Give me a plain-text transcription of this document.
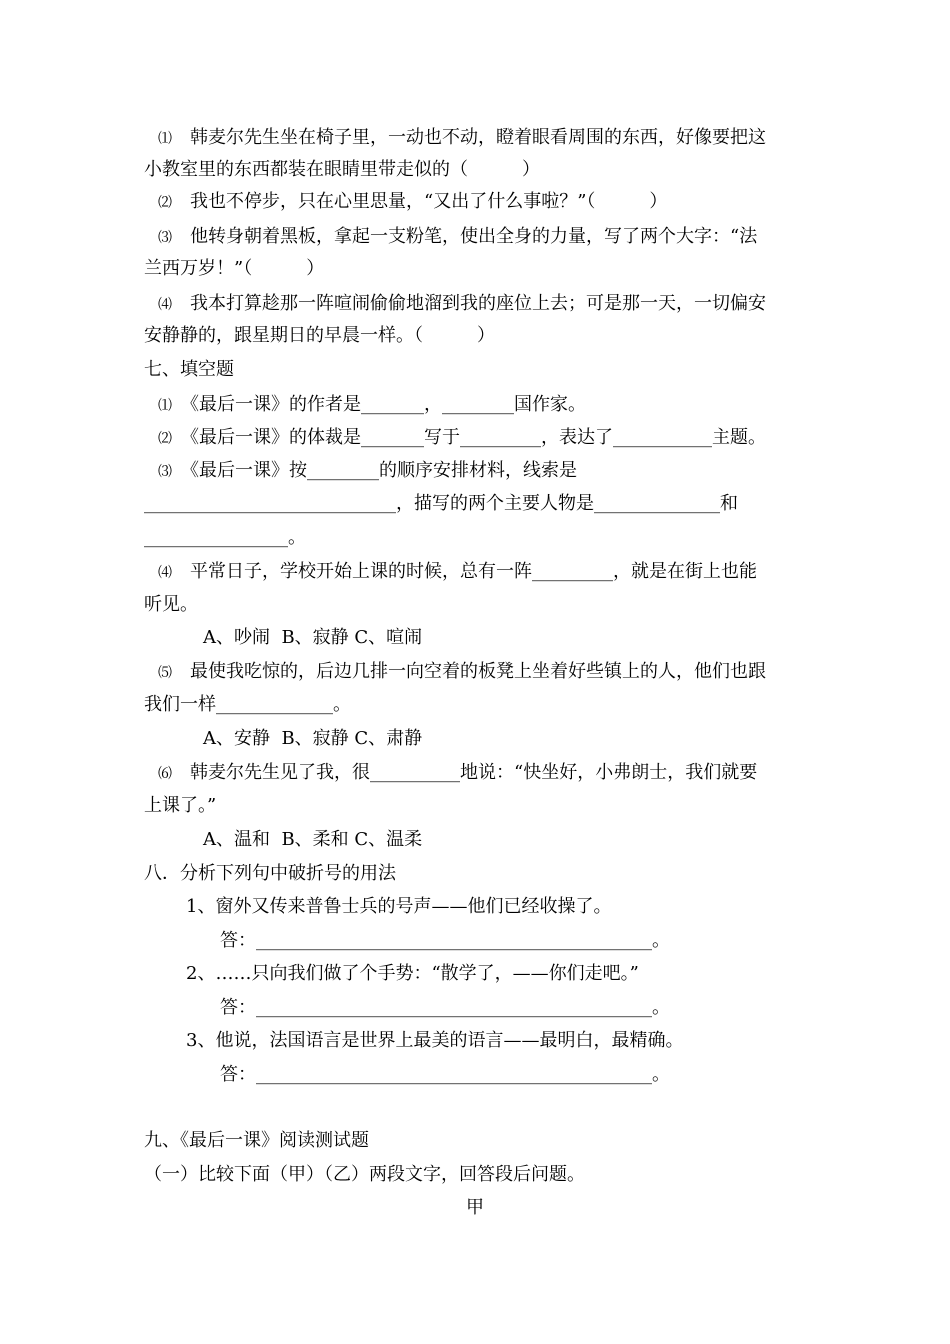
⑴　韩麦尔先生坐在椅子里，一动也不动，瞪着眼看周围的东西，好像要把这
小教室里的东西都装在眼睛里带走似的（　　　）
⑵　我也不停步，只在心里思量，“又出了什么事啦？”（　　　）
⑶　他转身朝着黑板，拿起一支粉笔，使出全身的力量，写了两个大字：“法
兰西万岁！”（　　　）
⑷　我本打算趁那一阵喧闹偷偷地溜到我的座位上去；可是那一天，一切偏安
安静静的，跟星期日的早晨一样。（　　　）
七、填空题
⑴　《最后一课》的作者是_______，________国作家。
⑵　《最后一课》的体裁是_______写于_________，表达了___________主题。
⑶　《最后一课》按________的顺序安排材料，线索是
____________________________，描写的两个主要人物是______________和
________________。
⑷　平常日子，学校开始上课的时候，总有一阵_________，就是在街上也能
听见。
A、吵闹  B、寂静 C、喧闹
⑸　最使我吃惊的，后边几排一向空着的板凳上坐着好些镇上的人，他们也跟
我们一样_____________。
A、安静  B、寂静 C、肃静
⑹　韩麦尔先生见了我，很__________地说：“快坐好，小弗朗士，我们就要
上课了。”
A、温和  B、柔和 C、温柔
八．分析下列句中破折号的用法
1、窗外又传来普鲁士兵的号声——他们已经收操了。
答：____________________________________________。
2、……只向我们做了个手势：“散学了，——你们走吧。”
答：____________________________________________。
3、他说，法国语言是世界上最美的语言——最明白，最精确。
答：____________________________________________。
九、《最后一课》阅读测试题
（一）比较下面（甲）（乙）两段文字，回答段后问题。
甲
